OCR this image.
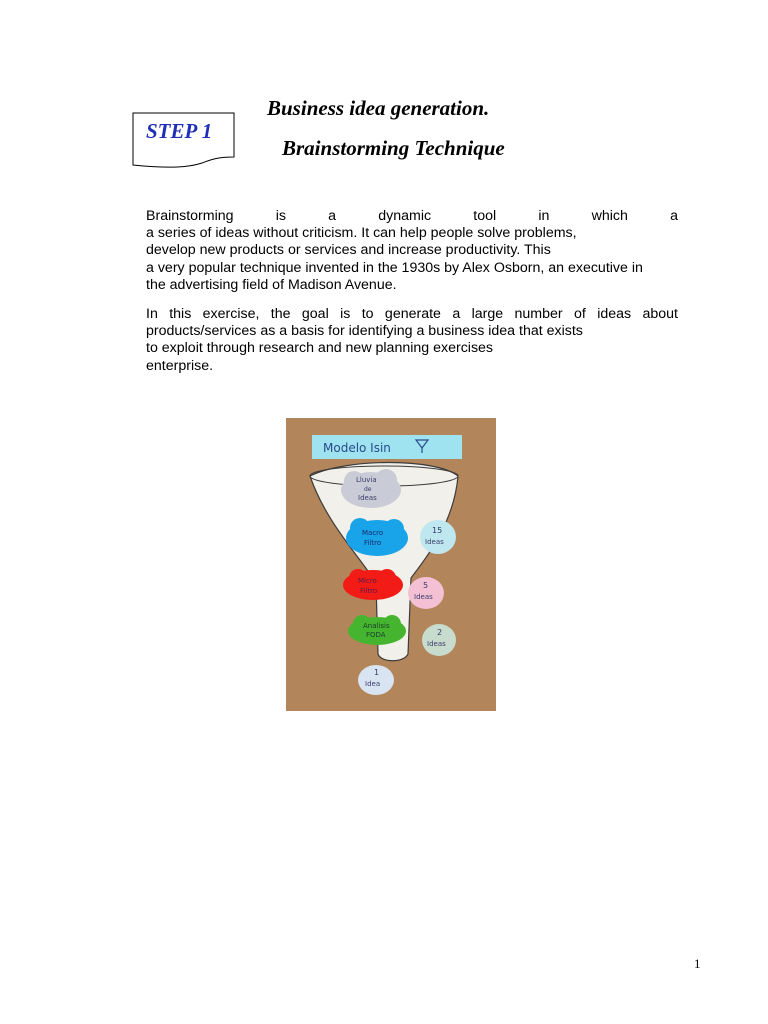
STEP 1
Business idea generation.
Brainstorming Technique
Brainstorming is a dynamic tool in which a
a series of ideas without criticism. It can help people solve problems,
develop new products or services and increase productivity. This
a very popular technique invented in the 1930s by Alex Osborn, an executive in
the advertising field of Madison Avenue.
In this exercise, the goal is to generate a large number of ideas about
products/services as a basis for identifying a business idea that exists
to exploit through research and new planning exercises
enterprise.
Modelo Isin
Lluvia
de
Ideas
Macro
Filtro
15
Ideas
Micro
Filtro
5
Ideas
Analisis
FODA	2
Ideas
1
Idea
1
